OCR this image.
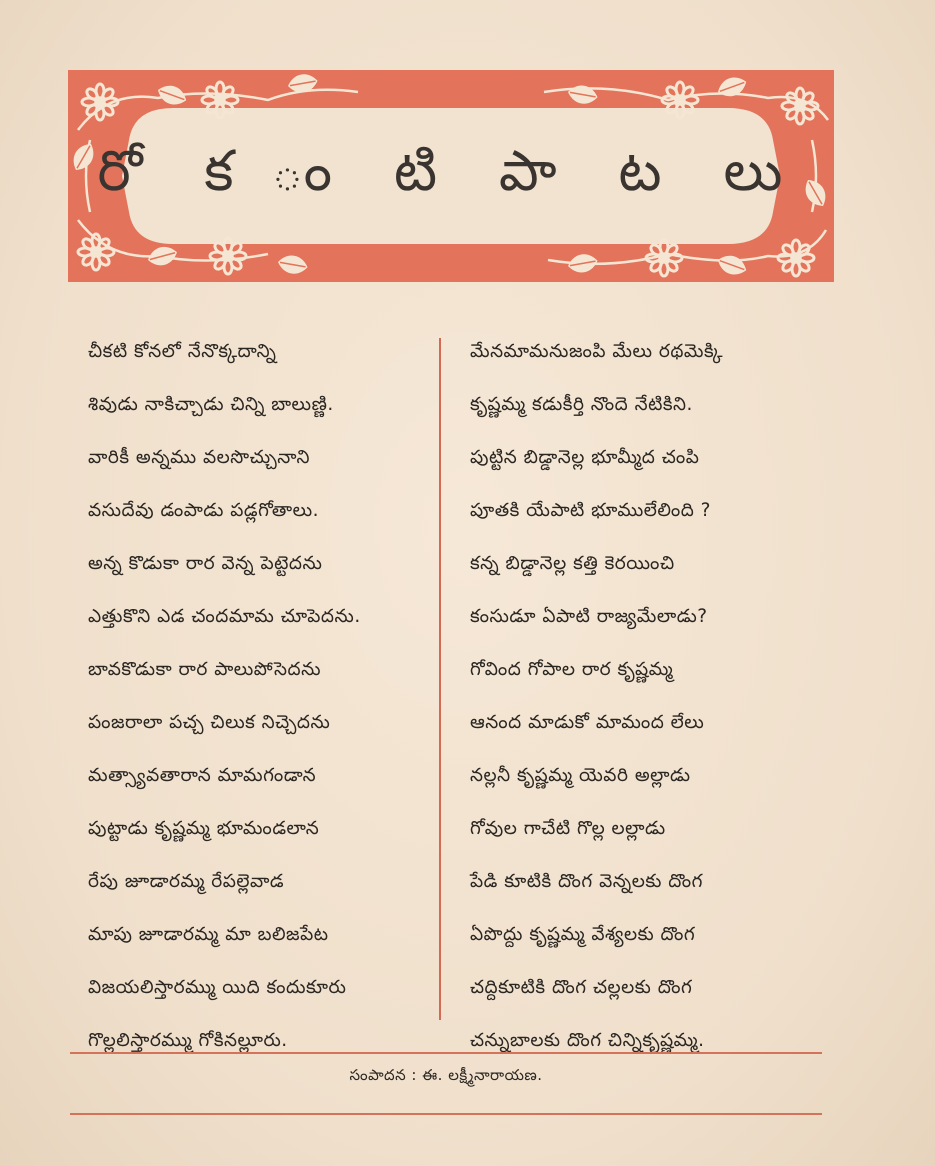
రో క ం టి పా ట లు
చీకటి కోనలో నేనొక్కదాన్ని
శివుడు నాకిచ్చాడు చిన్ని బాలుణ్ణి.
వారికీ అన్నము వలసొచ్చునాని
వసుదేవు డంపాడు పడ్లగోతాలు.
అన్న కొడుకా రార వెన్న పెట్టెదను
ఎత్తుకొని ఎడ చందమామ చూపెదను.
బావకొడుకా రార పాలుపోసెదను
పంజరాలా పచ్చ చిలుక నిచ్చెదను
మత్స్యావతారాన మామగండాన
పుట్టాడు కృష్ణమ్మ భూమండలాన
రేపు జూడారమ్మ రేపల్లెవాడ
మాపు జూడారమ్మ మా బలిజపేట
విజయలిస్తారమ్ము యిది కందుకూరు
గొల్లలిస్తారమ్ము గోకినల్లూరు.
మేనమామనుజంపి మేలు రథమెక్కి
కృష్ణమ్మ కడుకీర్తి నొందె నేటికిని.
పుట్టిన బిడ్డానెల్ల భూమ్మీద చంపి
పూతకి యేపాటి భూములేలింది ?
కన్న బిడ్డానెల్ల కత్తి కెరయించి
కంసుడూ ఏపాటి రాజ్యమేలాడు?
గోవింద గోపాల రార కృష్ణమ్మ
ఆనంద మాడుకో మామంద లేలు
నల్లనీ కృష్ణమ్మ యెవరి అల్లాడు
గోవుల గాచేటి గొల్ల లల్లాడు
పేడి కూటికి దొంగ వెన్నలకు దొంగ
ఏపొద్దు కృష్ణమ్మ వేశ్యలకు దొంగ
చద్దికూటికి దొంగ చల్లలకు దొంగ
చన్నుబాలకు దొంగ చిన్నికృష్ణమ్మ.
సంపాదన : ఈ. లక్ష్మీనారాయణ.
